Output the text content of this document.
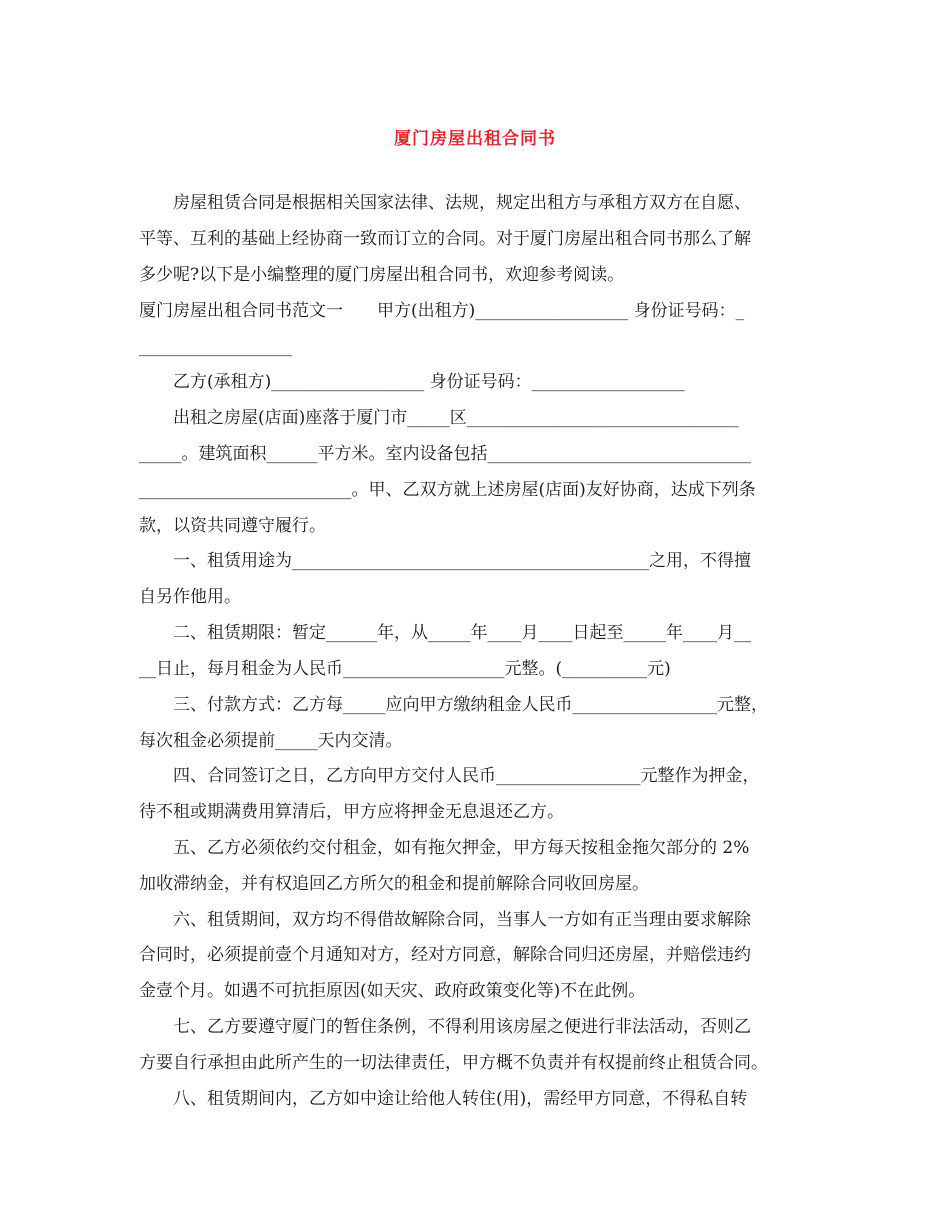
厦门房屋出租合同书
　　房屋租赁合同是根据相关国家法律、法规，规定出租方与承租方双方在自愿、
平等、互利的基础上经协商一致而订立的合同。对于厦门房屋出租合同书那么了解
多少呢?以下是小编整理的厦门房屋出租合同书，欢迎参考阅读。
厦门房屋出租合同书范文一　　甲方(出租方)__________________ 身份证号码：_
__________________
　　乙方(承租方)__________________ 身份证号码：__________________
　　出租之房屋(店面)座落于厦门市_____区________________________________
_____。建筑面积______平方米。室内设备包括_______________________________
_________________________。甲、乙双方就上述房屋(店面)友好协商，达成下列条
款，以资共同遵守履行。
　　一、租赁用途为__________________________________________之用，不得擅
自另作他用。
　　二、租赁期限：暂定______年，从_____年____月____日起至_____年____月__
__日止，每月租金为人民币___________________元整。(__________元)
　　三、付款方式：乙方每_____应向甲方缴纳租金人民币_________________元整，
每次租金必须提前_____天内交清。
　　四、合同签订之日，乙方向甲方交付人民币_________________元整作为押金，
待不租或期满费用算清后，甲方应将押金无息退还乙方。
　　五、乙方必须依约交付租金，如有拖欠押金，甲方每天按租金拖欠部分的 2%
加收滞纳金，并有权追回乙方所欠的租金和提前解除合同收回房屋。
　　六、租赁期间，双方均不得借故解除合同，当事人一方如有正当理由要求解除
合同时，必须提前壹个月通知对方，经对方同意，解除合同归还房屋，并赔偿违约
金壹个月。如遇不可抗拒原因(如天灾、政府政策变化等)不在此例。
　　七、乙方要遵守厦门的暂住条例，不得利用该房屋之便进行非法活动，否则乙
方要自行承担由此所产生的一切法律责任，甲方概不负责并有权提前终止租赁合同。
　　八、租赁期间内，乙方如中途让给他人转住(用)，需经甲方同意，不得私自转
